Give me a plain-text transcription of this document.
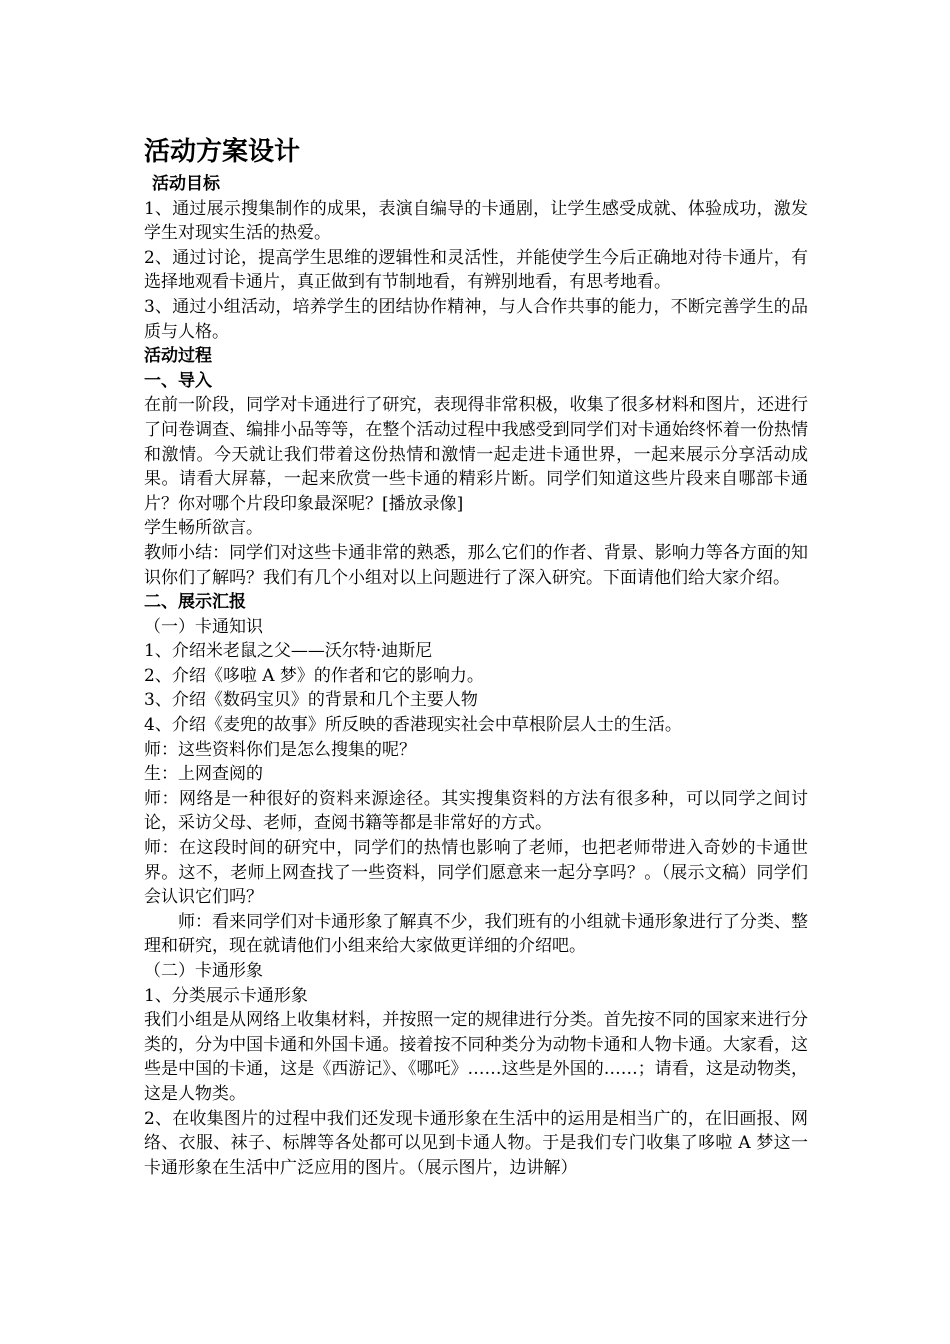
活动方案设计

活动目标

1、通过展示搜集制作的成果，表演自编导的卡通剧，让学生感受成就、体验成功，激发学生对现实生活的热爱。

2、通过讨论，提高学生思维的逻辑性和灵活性，并能使学生今后正确地对待卡通片，有选择地观看卡通片，真正做到有节制地看，有辨别地看，有思考地看。

3、通过小组活动，培养学生的团结协作精神，与人合作共事的能力，不断完善学生的品质与人格。

活动过程

一、导入

在前一阶段，同学对卡通进行了研究，表现得非常积极，收集了很多材料和图片，还进行了问卷调查、编排小品等等，在整个活动过程中我感受到同学们对卡通始终怀着一份热情和激情。今天就让我们带着这份热情和激情一起走进卡通世界，一起来展示分享活动成果。请看大屏幕，一起来欣赏一些卡通的精彩片断。同学们知道这些片段来自哪部卡通片？你对哪个片段印象最深呢？[播放录像]

学生畅所欲言。

教师小结：同学们对这些卡通非常的熟悉，那么它们的作者、背景、影响力等各方面的知识你们了解吗？我们有几个小组对以上问题进行了深入研究。下面请他们给大家介绍。

二、展示汇报

（一）卡通知识

1、介绍米老鼠之父——沃尔特·迪斯尼

2、介绍《哆啦 A 梦》的作者和它的影响力。

3、介绍《数码宝贝》的背景和几个主要人物

4、介绍《麦兜的故事》所反映的香港现实社会中草根阶层人士的生活。

师：这些资料你们是怎么搜集的呢？

生：上网查阅的

师：网络是一种很好的资料来源途径。其实搜集资料的方法有很多种，可以同学之间讨论，采访父母、老师，查阅书籍等都是非常好的方式。

师：在这段时间的研究中，同学们的热情也影响了老师，也把老师带进入奇妙的卡通世界。这不，老师上网查找了一些资料，同学们愿意来一起分享吗？。（展示文稿）同学们会认识它们吗？

师：看来同学们对卡通形象了解真不少，我们班有的小组就卡通形象进行了分类、整理和研究，现在就请他们小组来给大家做更详细的介绍吧。

（二）卡通形象

1、分类展示卡通形象

我们小组是从网络上收集材料，并按照一定的规律进行分类。首先按不同的国家来进行分类的，分为中国卡通和外国卡通。接着按不同种类分为动物卡通和人物卡通。大家看，这些是中国的卡通，这是《西游记》、《哪吒》……这些是外国的……；请看，这是动物类，这是人物类。

2、在收集图片的过程中我们还发现卡通形象在生活中的运用是相当广的，在旧画报、网络、衣服、袜子、标牌等各处都可以见到卡通人物。于是我们专门收集了哆啦 A 梦这一卡通形象在生活中广泛应用的图片。（展示图片，边讲解）
